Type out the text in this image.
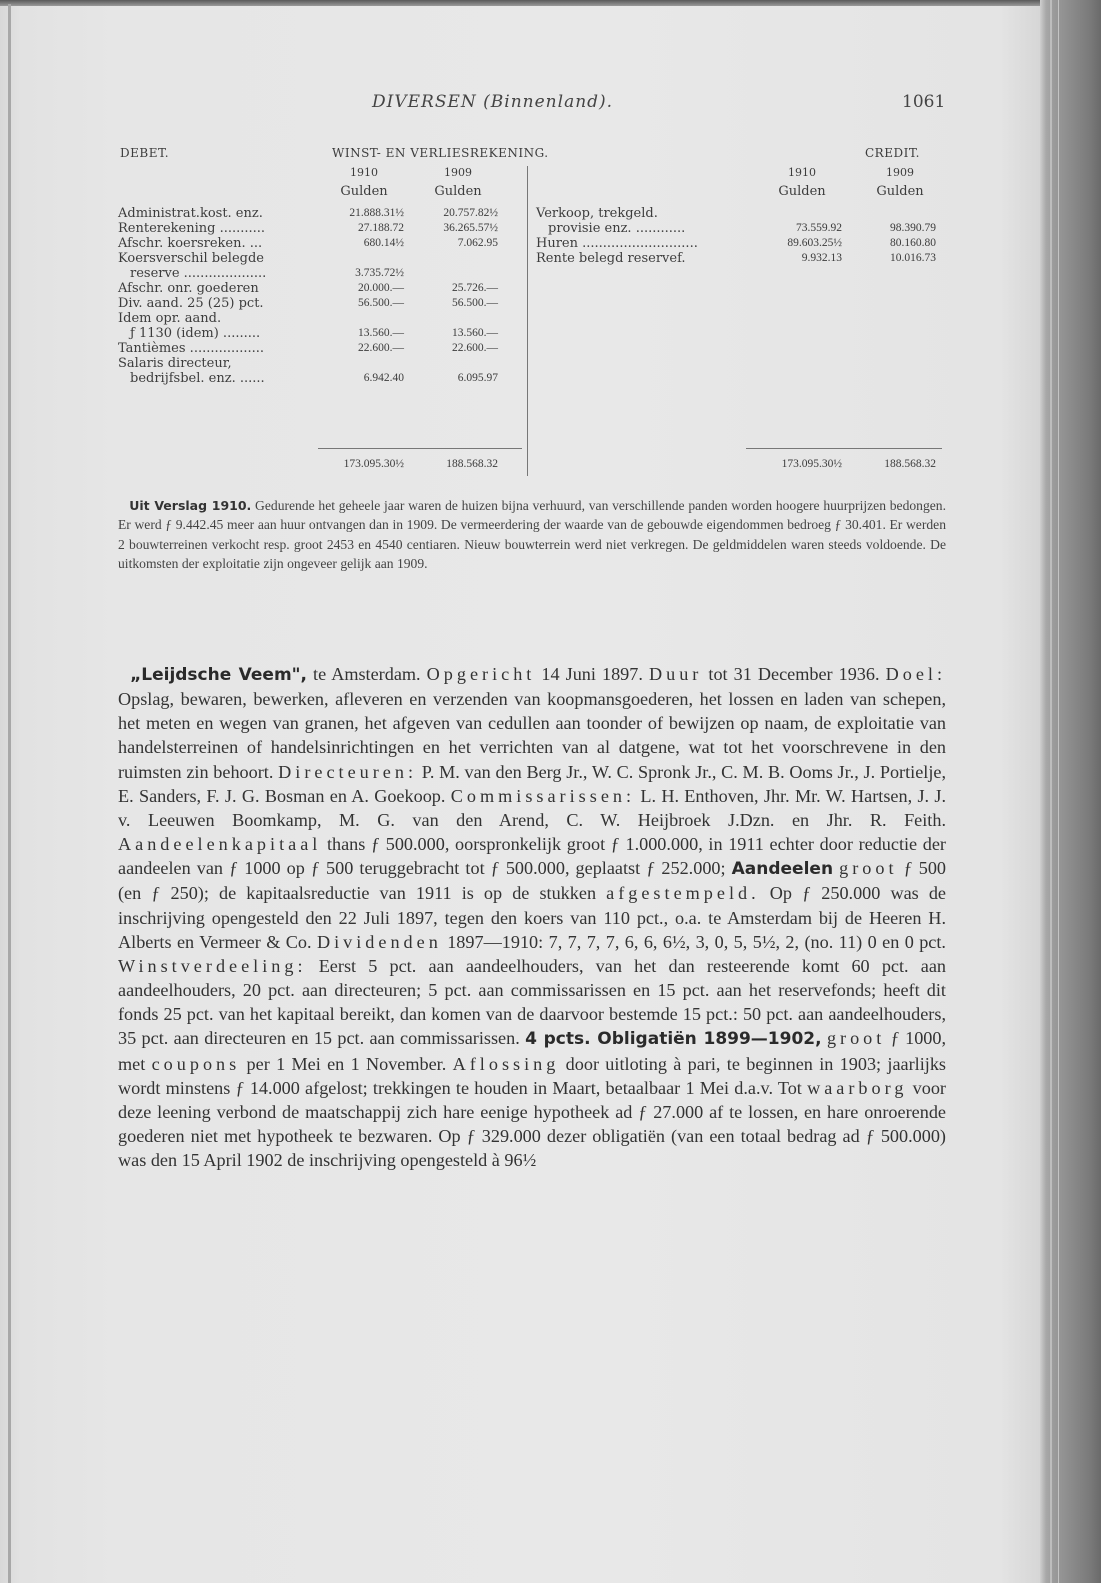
DIVERSEN (Binnenland).	1061
DEBET.	WINST- EN VERLIESREKENING.	CREDIT.
1910	1909
Gulden	Gulden
1910	1909
Gulden	Gulden
Administrat.kost. enz.	21.888.31½	20.757.82½
Renterekening ...........	27.188.72	36.265.57½
Afschr. koersreken. ...	680.14½	7.062.95
Koersverschil belegde
reserve ....................	3.735.72½
Afschr. onr. goederen	20.000.—	25.726.—
Div. aand. 25 (25) pct.	56.500.—	56.500.—
Idem opr. aand.
ƒ 1130 (idem) .........	13.560.—	13.560.—
Tantièmes ..................	22.600.—	22.600.—
Salaris directeur,
bedrijfsbel. enz. ......	6.942.40	6.095.97
173.095.30½	188.568.32
Verkoop, trekgeld.
provisie enz. ............	73.559.92	98.390.79
Huren ............................	89.603.25½	80.160.80
Rente belegd reservef.	9.932.13	10.016.73
173.095.30½	188.568.32
Uit Verslag 1910. Gedurende het geheele jaar waren de huizen bijna verhuurd, van verschillende panden worden hoogere huurprijzen bedongen. Er werd ƒ 9.442.45 meer aan huur ontvangen dan in 1909. De vermeerdering der waarde van de gebouwde eigendommen bedroeg ƒ 30.401. Er werden 2 bouwterreinen verkocht resp. groot 2453 en 4540 centiaren. Nieuw bouwterrein werd niet verkregen. De geldmiddelen waren steeds voldoende. De uitkomsten der exploitatie zijn ongeveer gelijk aan 1909.

„Leijdsche Veem", te Amsterdam. Opgericht 14 Juni 1897. Duur tot 31 December 1936. Doel: Opslag, bewaren, bewerken, afleveren en verzenden van koopmansgoederen, het lossen en laden van schepen, het meten en wegen van granen, het afgeven van cedullen aan toonder of bewijzen op naam, de exploitatie van handelsterreinen of handelsinrichtingen en het verrichten van al datgene, wat tot het voorschrevene in den ruimsten zin behoort. Directeuren: P. M. van den Berg Jr., W. C. Spronk Jr., C. M. B. Ooms Jr., J. Portielje, E. Sanders, F. J. G. Bosman en A. Goekoop. Commissarissen: L. H. Enthoven, Jhr. Mr. W. Hartsen, J. J. v. Leeuwen Boomkamp, M. G. van den Arend, C. W. Heijbroek J.Dzn. en Jhr. R. Feith. Aandeelenkapitaal thans ƒ 500.000, oorspronkelijk groot ƒ 1.000.000, in 1911 echter door reductie der aandeelen van ƒ 1000 op ƒ 500 teruggebracht tot ƒ 500.000, geplaatst ƒ 252.000; Aandeelen groot ƒ 500 (en ƒ 250); de kapitaalsreductie van 1911 is op de stukken afgestempeld. Op ƒ 250.000 was de inschrijving opengesteld den 22 Juli 1897, tegen den koers van 110 pct., o.a. te Amsterdam bij de Heeren H. Alberts en Vermeer & Co. Dividenden 1897—1910: 7, 7, 7, 7, 6, 6, 6½, 3, 0, 5, 5½, 2, (no. 11) 0 en 0 pct. Winstverdeeling: Eerst 5 pct. aan aandeelhouders, van het dan resteerende komt 60 pct. aan aandeelhouders, 20 pct. aan directeuren; 5 pct. aan commissarissen en 15 pct. aan het reservefonds; heeft dit fonds 25 pct. van het kapitaal bereikt, dan komen van de daarvoor bestemde 15 pct.: 50 pct. aan aandeelhouders, 35 pct. aan directeuren en 15 pct. aan commissarissen. 4 pcts. Obligatiën 1899—1902, groot ƒ 1000, met coupons per 1 Mei en 1 November. Aflossing door uitloting à pari, te beginnen in 1903; jaarlijks wordt minstens ƒ 14.000 afgelost; trekkingen te houden in Maart, betaalbaar 1 Mei d.a.v. Tot waarborg voor deze leening verbond de maatschappij zich hare eenige hypotheek ad ƒ 27.000 af te lossen, en hare onroerende goederen niet met hypotheek te bezwaren. Op ƒ 329.000 dezer obligatiën (van een totaal bedrag ad ƒ 500.000) was den 15 April 1902 de inschrijving opengesteld à 96½
